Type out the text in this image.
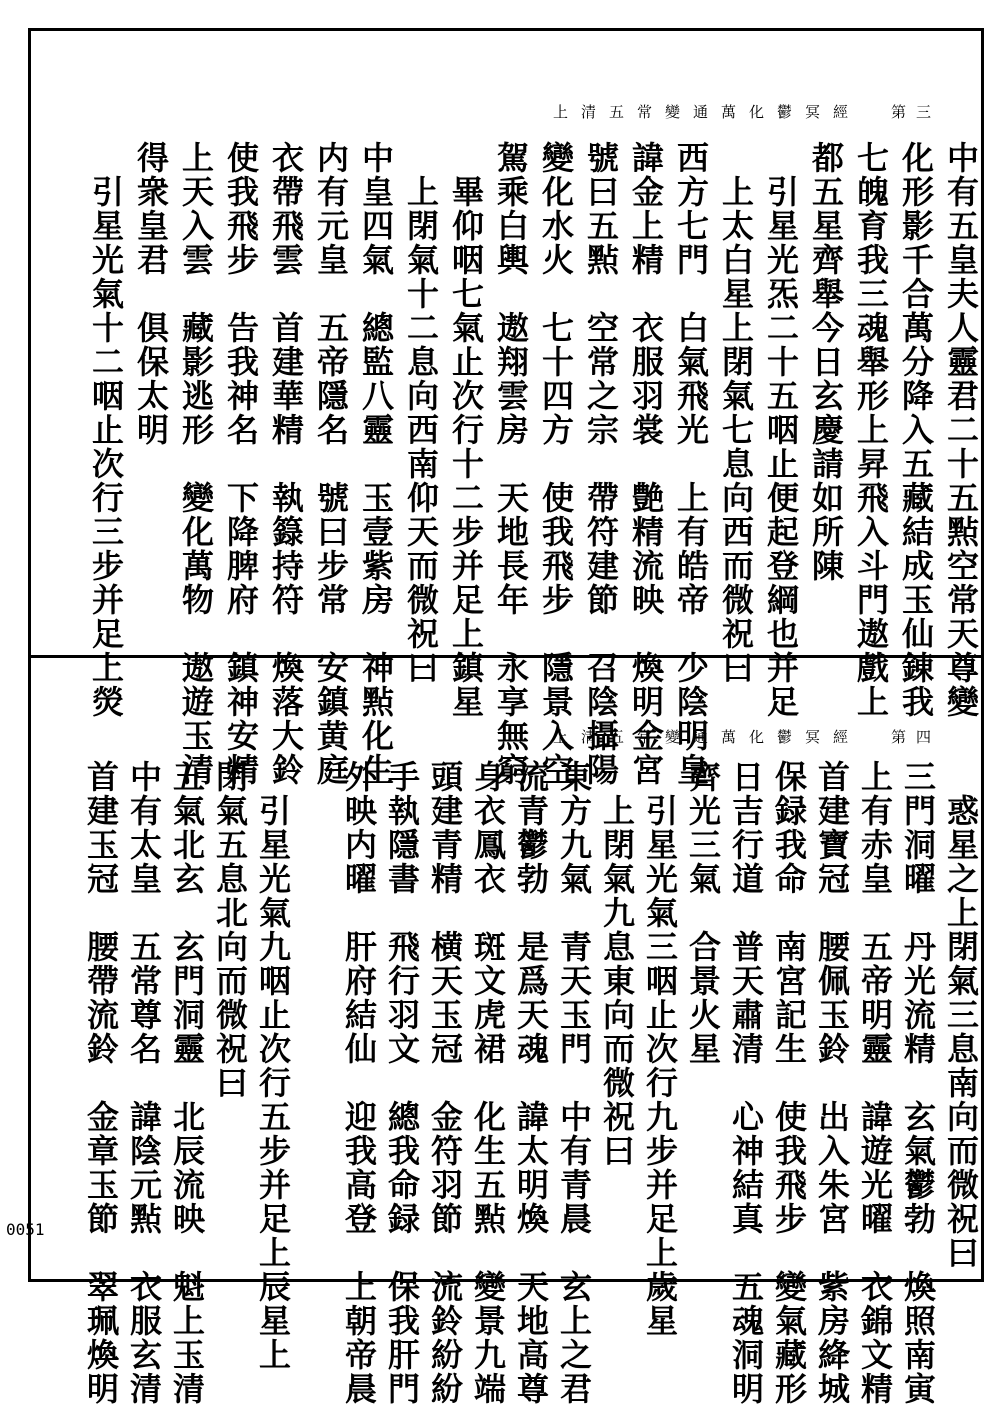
上清五常變通萬化鬱冥經 第三
中有五皇夫人靈君二十五㸃空常天尊變
化形影千合萬分降入五藏結成玉仙錬我
七魄育我三魂舉形上昇飛入斗門遨戲上
都五星齊舉今日玄慶請如所陳
　引星光炁二十五咽止便起登綱也并足
　上太白星上閉氣七息向西而微祝曰
西方七門　白氣飛光　上有皓帝　少陰明皇
諱金上精　衣服羽裳　艶精流映　煥明金宮
號曰五㸃　空常之宗　帶符建節　召陰攝陽
變化水火　七十四方　使我飛步　隱景入空
駕乘白輿　遨翔雲房　天地長年　永享無窮
　畢仰咽七氣止次行十二步并足上鎮星
　上閉氣十二息向西南仰天而微祝曰
中皇四氣　總監八靈　玉壹紫房　神㸃化生
内有元皇　五帝隱名　號曰步常　安鎮黄庭
衣帶飛雲　首建華精　執籙持符　煥落大鈴
使我飛步　告我神名　下降脾府　鎮神安精
上天入雲　藏影逃形　變化萬物　遨遊玉清
得衆皇君　俱保太明
　引星光氣十二咽止次行三步并足上熒
上清五常變通萬化鬱冥經 第四
　惑星之上閉氣三息南向而微祝曰
三門洞曜　丹光流精　玄氣鬱勃　煥照南寅
上有赤皇　五帝明靈　諱遊光曜　衣錦文精
首建寶冠　腰佩玉鈴　出入朱宮　紫房絳城
保録我命　南宮記生　使我飛步　變氣藏形
日吉行道　普天肅清　心神結真　五魂洞明
齊光三氣　合景火星
　引星光氣三咽止次行九步并足上歲星
　上閉氣九息東向而微祝曰
東方九氣　青天玉門　中有青晨　玄上之君
流青鬱勃　是爲天魂　諱太明煥　天地高尊
身衣鳳衣　斑文虎裙　化生五㸃　變景九端
頭建青精　横天玉冠　金符羽節　流鈴紛紛
手執隱書　飛行羽文　總我命録　保我肝門
外映内曜　肝府結仙　迎我高登　上朝帝晨
　引星光氣九咽止次行五步并足上辰星上
閉氣五息北向而微祝曰
五氣北玄　玄門洞靈　北辰流映　魁上玉清
中有太皇　五常尊名　諱陰元㸃　衣服玄清
首建玉冠　腰帶流鈴　金章玉節　翠珮煥明
0051
